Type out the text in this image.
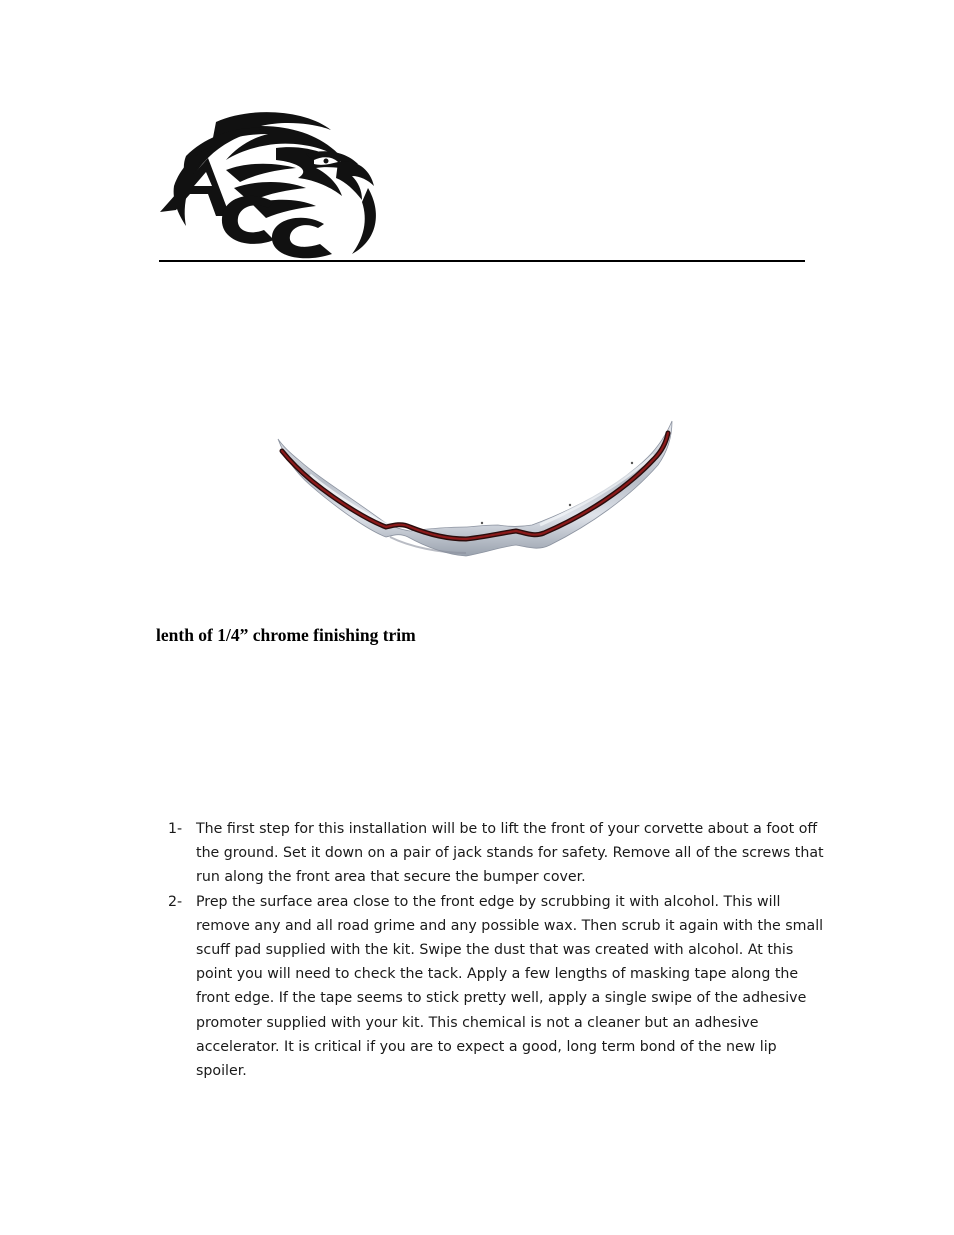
lenth of 1/4” chrome finishing trim
1- The first step for this installation will be to lift the front of your corvette about a foot off the ground. Set it down on a pair of jack stands for safety. Remove all of the screws that run along the front area that secure the bumper cover.
2- Prep the surface area close to the front edge by scrubbing it with alcohol. This will remove any and all road grime and any possible wax. Then scrub it again with the small scuff pad supplied with the kit. Swipe the dust that was created with alcohol. At this point you will need to check the tack. Apply a few lengths of masking tape along the front edge. If the tape seems to stick pretty well, apply a single swipe of the adhesive promoter supplied with your kit. This chemical is not a cleaner but an adhesive accelerator. It is critical if you are to expect a good, long term bond of the new lip spoiler.
